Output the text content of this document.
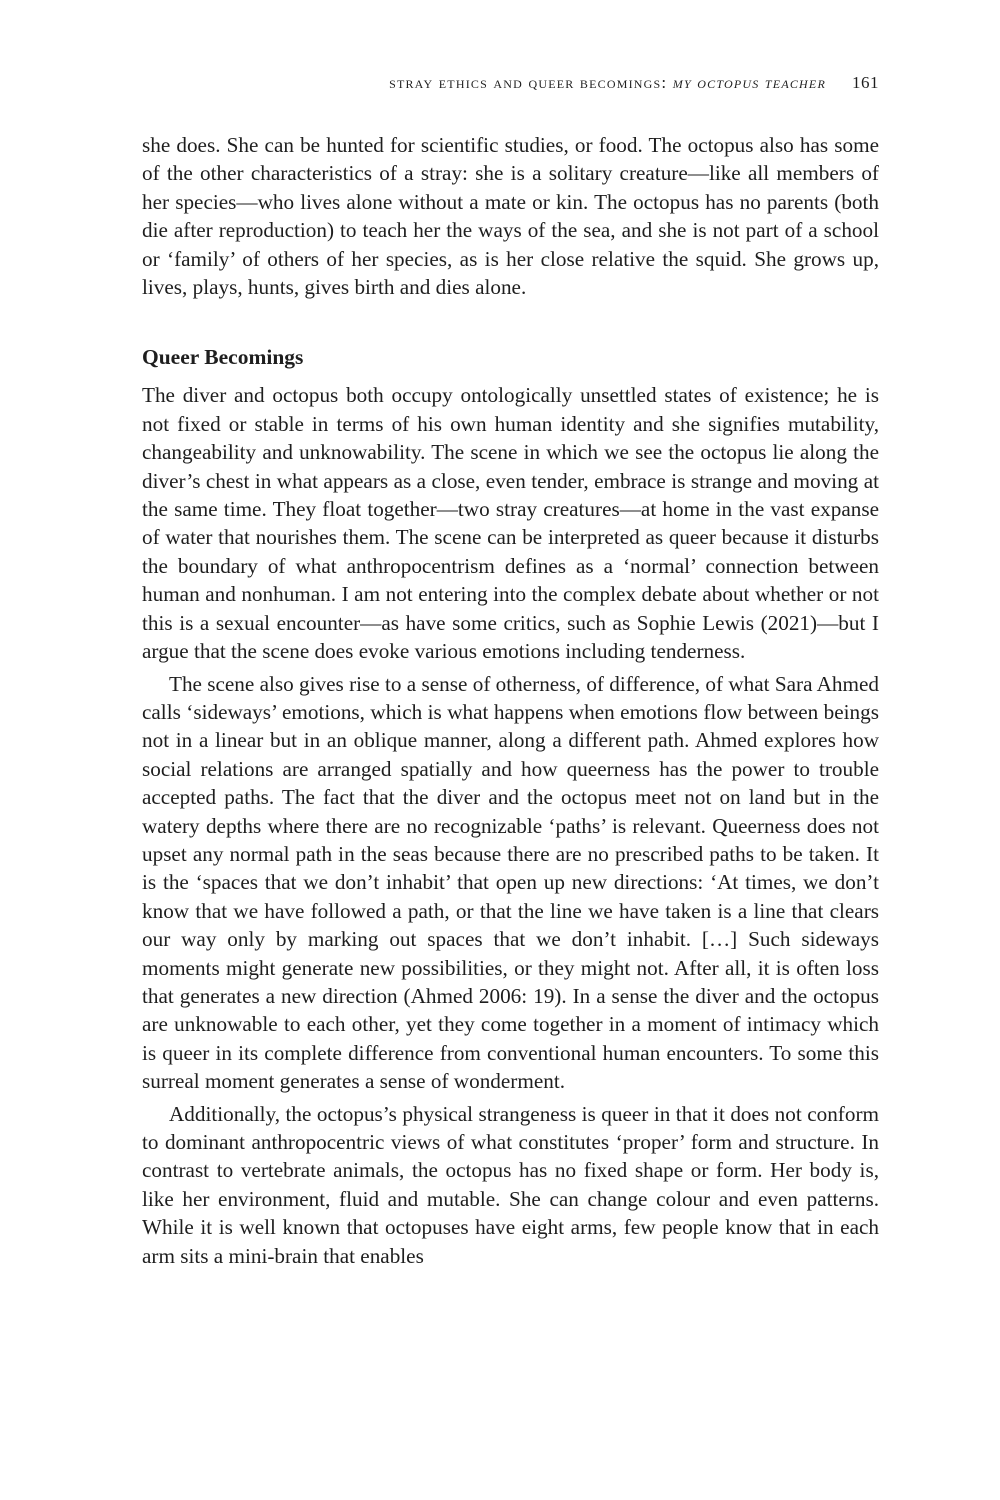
stray ethics and queer becomings: my octopus teacher 161

she does. She can be hunted for scientific studies, or food. The octopus also has some of the other characteristics of a stray: she is a solitary creature—like all members of her species—who lives alone without a mate or kin. The octopus has no parents (both die after reproduction) to teach her the ways of the sea, and she is not part of a school or ‘family’ of others of her species, as is her close relative the squid. She grows up, lives, plays, hunts, gives birth and dies alone.

Queer Becomings

The diver and octopus both occupy ontologically unsettled states of existence; he is not fixed or stable in terms of his own human identity and she signifies mutability, changeability and unknowability. The scene in which we see the octopus lie along the diver’s chest in what appears as a close, even tender, embrace is strange and moving at the same time. They float together—two stray creatures—at home in the vast expanse of water that nourishes them. The scene can be interpreted as queer because it disturbs the boundary of what anthropocentrism defines as a ‘normal’ connection between human and nonhuman. I am not entering into the complex debate about whether or not this is a sexual encounter—as have some critics, such as Sophie Lewis (2021)—but I argue that the scene does evoke various emotions including tenderness.

The scene also gives rise to a sense of otherness, of difference, of what Sara Ahmed calls ‘sideways’ emotions, which is what happens when emotions flow between beings not in a linear but in an oblique manner, along a different path. Ahmed explores how social relations are arranged spatially and how queerness has the power to trouble accepted paths. The fact that the diver and the octopus meet not on land but in the watery depths where there are no recognizable ‘paths’ is relevant. Queerness does not upset any normal path in the seas because there are no prescribed paths to be taken. It is the ‘spaces that we don’t inhabit’ that open up new directions: ‘At times, we don’t know that we have followed a path, or that the line we have taken is a line that clears our way only by marking out spaces that we don’t inhabit. […] Such sideways moments might generate new possibilities, or they might not. After all, it is often loss that generates a new direction (Ahmed 2006: 19). In a sense the diver and the octopus are unknowable to each other, yet they come together in a moment of intimacy which is queer in its complete difference from conventional human encounters. To some this surreal moment generates a sense of wonderment.

Additionally, the octopus’s physical strangeness is queer in that it does not conform to dominant anthropocentric views of what constitutes ‘proper’ form and structure. In contrast to vertebrate animals, the octopus has no fixed shape or form. Her body is, like her environment, fluid and mutable. She can change colour and even patterns. While it is well known that octopuses have eight arms, few people know that in each arm sits a mini-brain that enables
